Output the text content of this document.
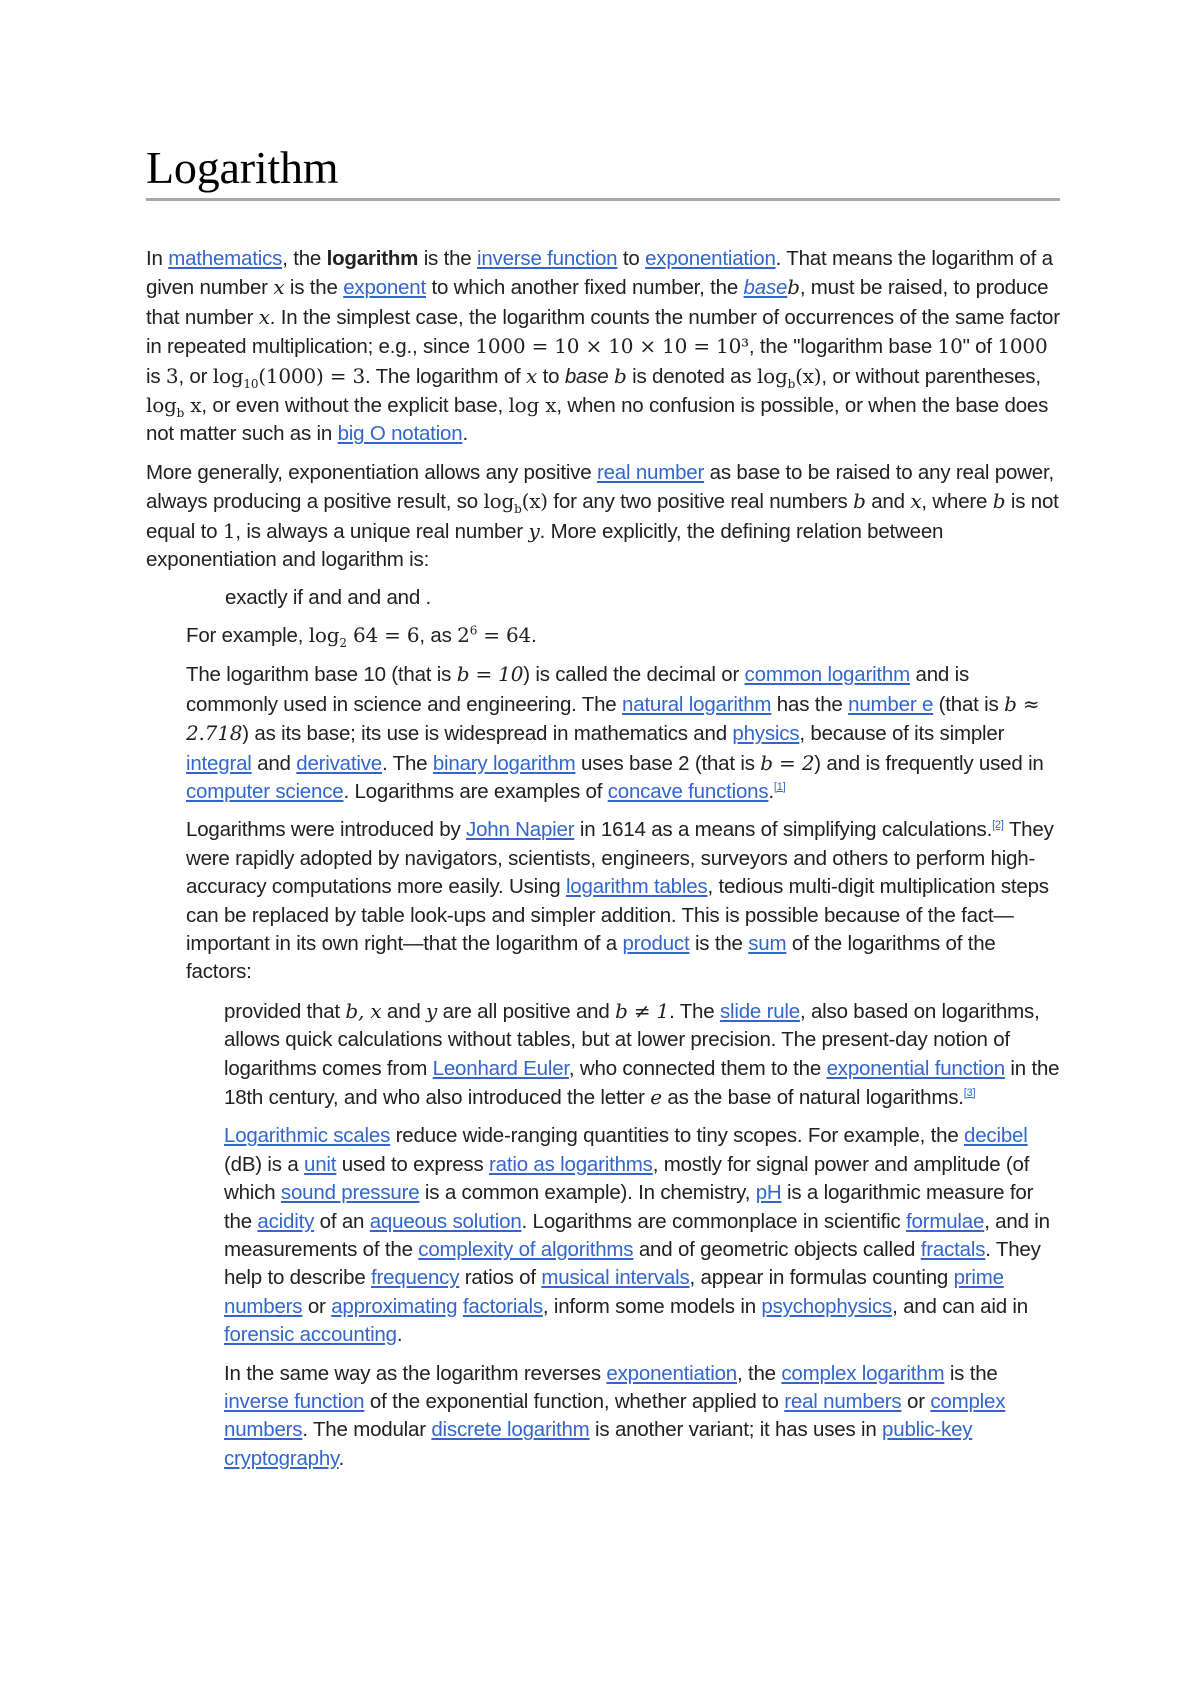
Logarithm

In mathematics, the logarithm is the inverse function to exponentiation. That means the logarithm of a given number x is the exponent to which another fixed number, the baseb, must be raised, to produce that number x. In the simplest case, the logarithm counts the number of occurrences of the same factor in repeated multiplication; e.g., since 1000 = 10 × 10 × 10 = 10³, the "logarithm base 10" of 1000 is 3, or $\log_{10}(1000) = 3$. The logarithm of x to base b is denoted as $\log_b(x)$, or without parentheses, $\log_b x$, or even without the explicit base, log x, when no confusion is possible, or when the base does not matter such as in big O notation.

More generally, exponentiation allows any positive real number as base to be raised to any real power, always producing a positive result, so $\log_b(x)$ for any two positive real numbers b and x, where b is not equal to 1, is always a unique real number y. More explicitly, the defining relation between exponentiation and logarithm is:

exactly if and and and .

For example, $\log_2 64 = 6$, as $2^6 = 64$.

The logarithm base 10 (that is b = 10) is called the decimal or common logarithm and is commonly used in science and engineering. The natural logarithm has the number e (that is b ≈ 2.718) as its base; its use is widespread in mathematics and physics, because of its simpler integral and derivative. The binary logarithm uses base 2 (that is b = 2) and is frequently used in computer science. Logarithms are examples of concave functions.[1]

Logarithms were introduced by John Napier in 1614 as a means of simplifying calculations.[2] They were rapidly adopted by navigators, scientists, engineers, surveyors and others to perform high-accuracy computations more easily. Using logarithm tables, tedious multi-digit multiplication steps can be replaced by table look-ups and simpler addition. This is possible because of the fact—important in its own right—that the logarithm of a product is the sum of the logarithms of the factors:

provided that b, x and y are all positive and b ≠ 1. The slide rule, also based on logarithms, allows quick calculations without tables, but at lower precision. The present-day notion of logarithms comes from Leonhard Euler, who connected them to the exponential function in the 18th century, and who also introduced the letter e as the base of natural logarithms.[3]

Logarithmic scales reduce wide-ranging quantities to tiny scopes. For example, the decibel (dB) is a unit used to express ratio as logarithms, mostly for signal power and amplitude (of which sound pressure is a common example). In chemistry, pH is a logarithmic measure for the acidity of an aqueous solution. Logarithms are commonplace in scientific formulae, and in measurements of the complexity of algorithms and of geometric objects called fractals. They help to describe frequency ratios of musical intervals, appear in formulas counting prime numbers or approximating factorials, inform some models in psychophysics, and can aid in forensic accounting.

In the same way as the logarithm reverses exponentiation, the complex logarithm is the inverse function of the exponential function, whether applied to real numbers or complex numbers. The modular discrete logarithm is another variant; it has uses in public-key cryptography.
